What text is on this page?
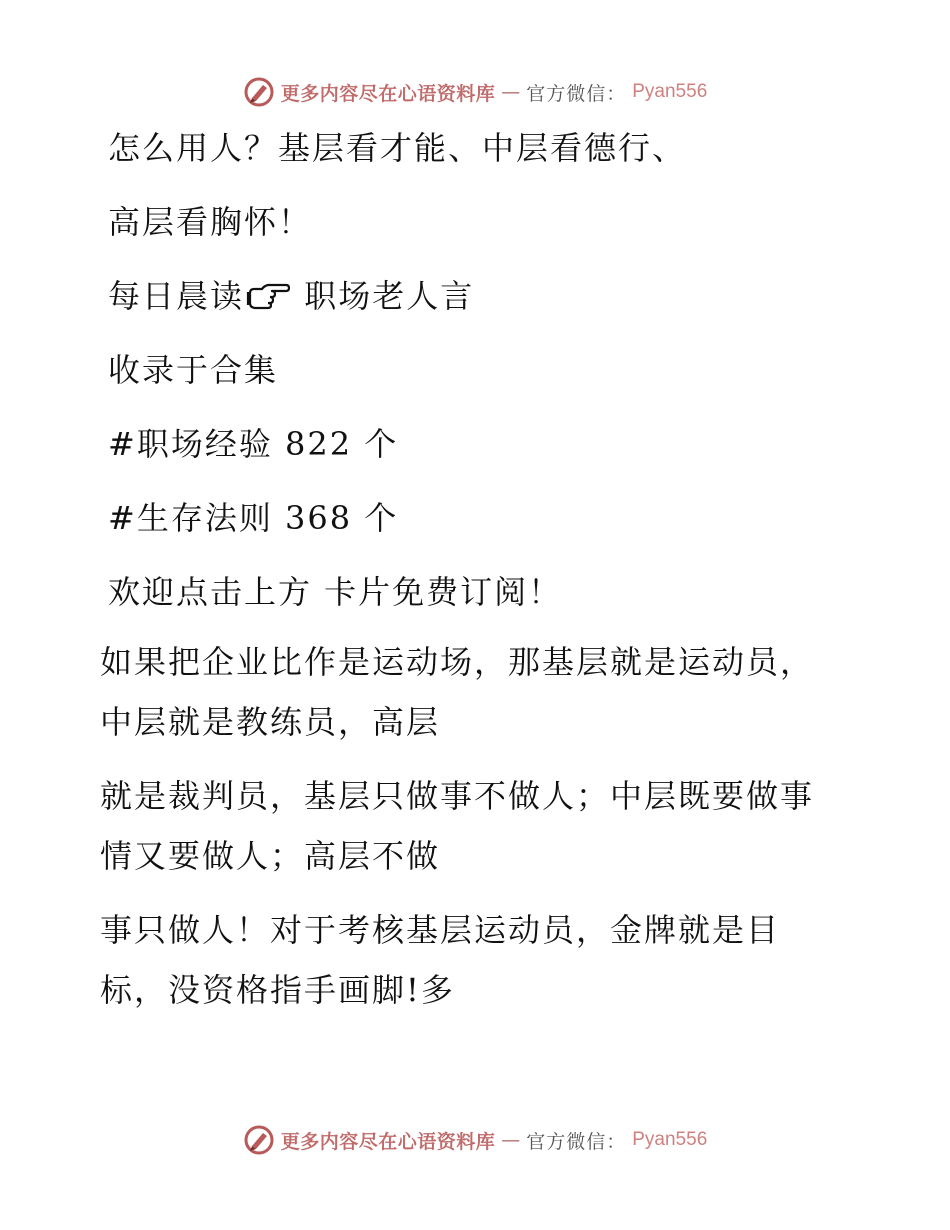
更多内容尽在心语资料库 — 官方微信： Pyan556
怎么用人？基层看才能、中层看德行、
高层看胸怀！
每日晨读 职场老人言
收录于合集
#职场经验 822 个
#生存法则 368 个
欢迎点击上方 卡片免费订阅！
如果把企业比作是运动场，那基层就是运动员，中层就是教练员，高层
就是裁判员，基层只做事不做人；中层既要做事情又要做人；高层不做
事只做人！对于考核基层运动员，金牌就是目标，没资格指手画脚!多
更多内容尽在心语资料库 — 官方微信： Pyan556
